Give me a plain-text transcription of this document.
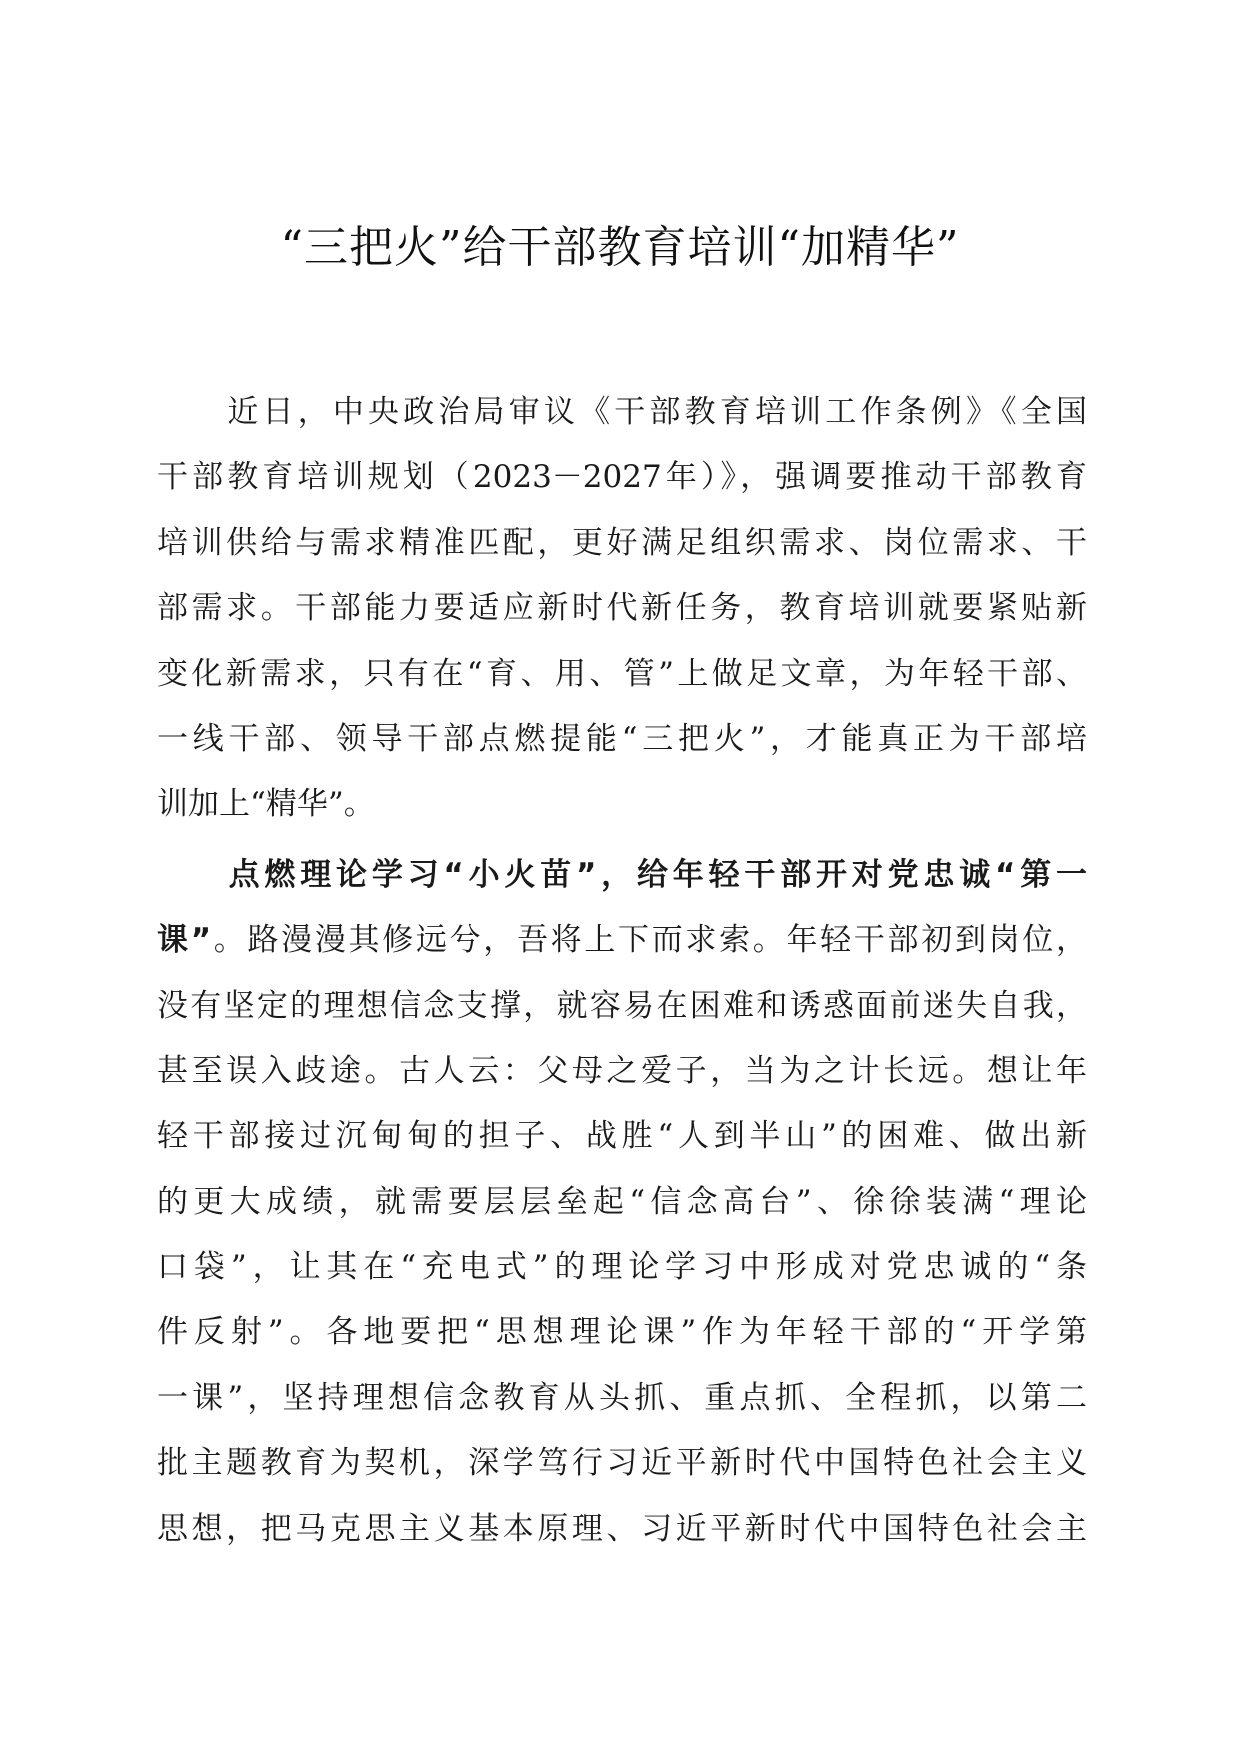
“三把火”给干部教育培训“加精华”
　　近日，中央政治局审议《干部教育培训工作条例》《全国
干部教育培训规划（2023－2027年）》，强调要推动干部教育
培训供给与需求精准匹配，更好满足组织需求、岗位需求、干
部需求。干部能力要适应新时代新任务，教育培训就要紧贴新
变化新需求，只有在“育、用、管”上做足文章，为年轻干部、
一线干部、领导干部点燃提能“三把火”，才能真正为干部培
训加上“精华”。
　　点燃理论学习“小火苗”，给年轻干部开对党忠诚“第一
课”。路漫漫其修远兮，吾将上下而求索。年轻干部初到岗位，
没有坚定的理想信念支撑，就容易在困难和诱惑面前迷失自我，
甚至误入歧途。古人云：父母之爱子，当为之计长远。想让年
轻干部接过沉甸甸的担子、战胜“人到半山”的困难、做出新
的更大成绩，就需要层层垒起“信念高台”、徐徐装满“理论
口袋”，让其在“充电式”的理论学习中形成对党忠诚的“条
件反射”。各地要把“思想理论课”作为年轻干部的“开学第
一课”，坚持理想信念教育从头抓、重点抓、全程抓，以第二
批主题教育为契机，深学笃行习近平新时代中国特色社会主义
思想，把马克思主义基本原理、习近平新时代中国特色社会主
